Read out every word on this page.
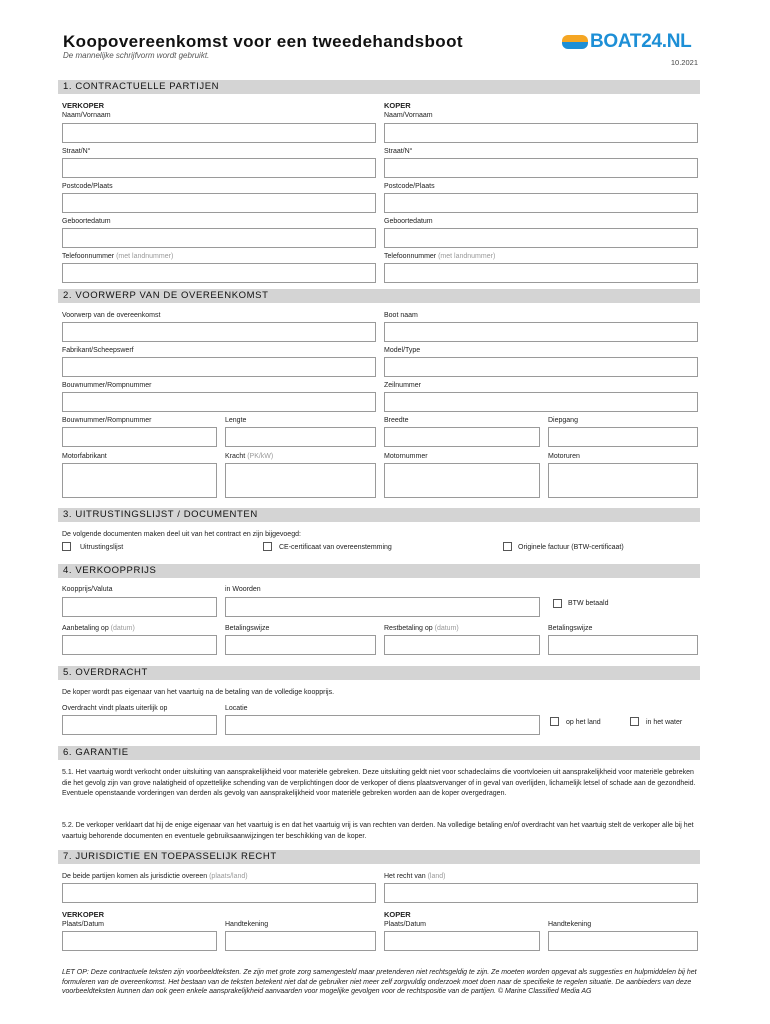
Koopovereenkomst voor een tweedehandsboot
De mannelijke schrijfvorm wordt gebruikt.
BOAT24.NL
10.2021
1. CONTRACTUELLE PARTIJEN
VERKOPER	KOPER
Naam/Vornaam	Naam/Vornaam
Straat/N°	Straat/N°
Postcode/Plaats	Postcode/Plaats
Geboortedatum	Geboortedatum
Telefoonnummer (met landnummer)	Telefoonnummer (met landnummer)
2. VOORWERP VAN DE OVEREENKOMST
Voorwerp van de overeenkomst	Boot naam
Fabrikant/Scheepswerf	Model/Type
Bouwnummer/Rompnummer	Zeilnummer
Bouwnummer/Rompnummer	Lengte	Breedte	Diepgang
Motorfabrikant	Kracht (PK/kW)	Motornummer	Motoruren
3. UITRUSTINGSLIJST / DOCUMENTEN
De volgende documenten maken deel uit van het contract en zijn bijgevoegd:
Uitrustingslijst	CE-certificaat van overeenstemming	Originele factuur (BTW-certificaat)
4. VERKOOPPRIJS
Koopprijs/Valuta	in Woorden
BTW betaald
Aanbetaling op (datum)	Betalingswijze	Restbetaling op (datum)	Betalingswijze
5. OVERDRACHT
De koper wordt pas eigenaar van het vaartuig na de betaling van de volledige koopprijs.
Overdracht vindt plaats uiterlijk op	Locatie
op het land	in het water
6. GARANTIE
5.1. Het vaartuig wordt verkocht onder uitsluiting van aansprakelijkheid voor materiële gebreken. Deze uitsluiting geldt niet voor schadeclaims die voortvloeien uit aansprakelijkheid voor materiële gebreken die het gevolg zijn van grove nalatigheid of opzettelijke schending van de verplichtingen door de verkoper of diens plaatsvervanger of in geval van overlijden, lichamelijk letsel of schade aan de gezondheid. Eventuele openstaande vorderingen van derden als gevolg van aansprakelijkheid voor materiële gebreken worden aan de koper overgedragen.
5.2. De verkoper verklaart dat hij de enige eigenaar van het vaartuig is en dat het vaartuig vrij is van rechten van derden. Na volledige betaling en/of overdracht van het vaartuig stelt de verkoper alle bij het vaartuig behorende documenten en eventuele gebruiksaanwijzingen ter beschikking van de koper.
7. JURISDICTIE EN TOEPASSELIJK RECHT
De beide partijen komen als jurisdictie overeen (plaats/land)	Het recht van (land)
VERKOPER	KOPER
Plaats/Datum	Handtekening	Plaats/Datum	Handtekening
LET OP: Deze contractuele teksten zijn voorbeeldteksten. Ze zijn met grote zorg samengesteld maar pretenderen niet rechtsgeldig te zijn. Ze moeten worden opgevat als suggesties en hulpmiddelen bij het formuleren van de overeenkomst. Het bestaan van de teksten betekent niet dat de gebruiker niet meer zelf zorgvuldig onderzoek moet doen naar de specifieke te regelen situatie. De aanbieders van deze voorbeeldteksten kunnen dan ook geen enkele aansprakelijkheid aanvaarden voor mogelijke gevolgen voor de rechtspositie van de partijen. © Marine Classified Media AG
